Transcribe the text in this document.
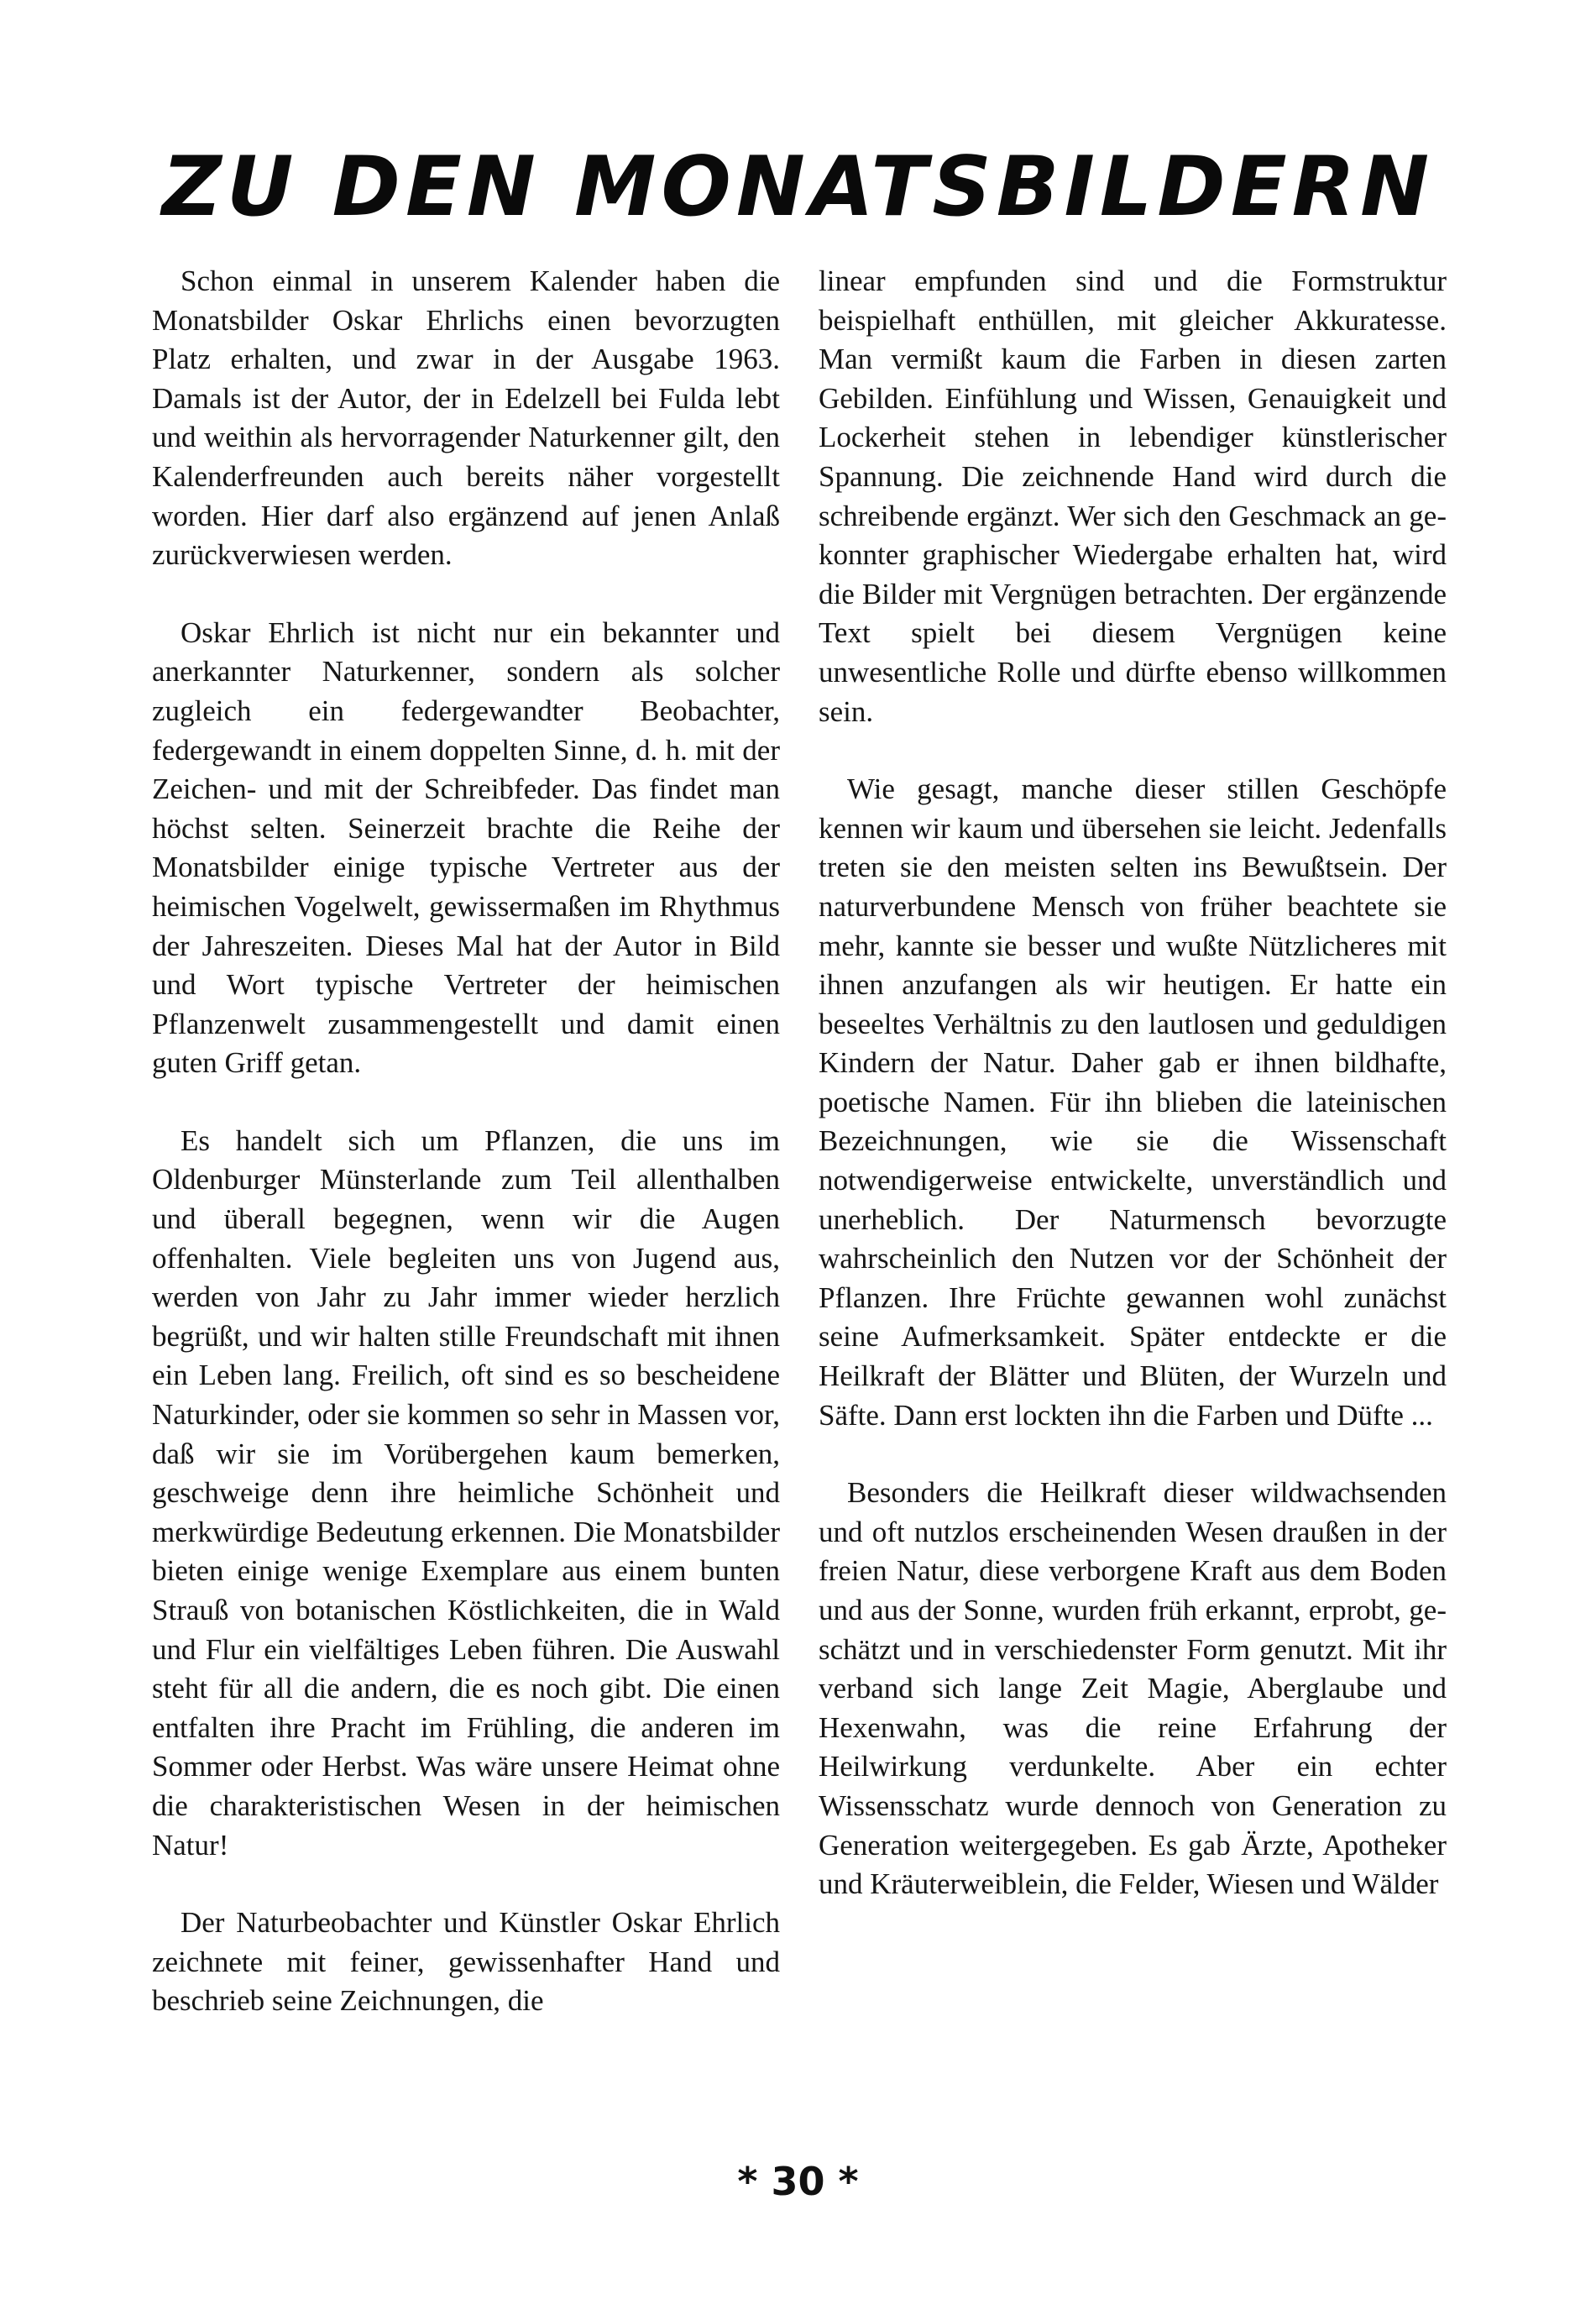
ZU DEN MONATSBILDERN

Schon einmal in unserem Kalender haben die Monatsbilder Oskar Ehrlichs einen bevorzugten Platz erhalten, und zwar in der Ausgabe 1963. Damals ist der Autor, der in Edelzell bei Fulda lebt und weithin als hervorragender Naturkenner gilt, den Kalenderfreunden auch bereits näher vorgestellt worden. Hier darf also ergänzend auf jenen Anlaß zurückverwiesen werden.

Oskar Ehrlich ist nicht nur ein bekannter und anerkannter Naturkenner, sondern als solcher zugleich ein federgewandter Beobachter, federgewandt in einem doppelten Sinne, d. h. mit der Zeichen- und mit der Schreibfeder. Das findet man höchst selten. Seinerzeit brachte die Reihe der Monatsbilder einige typische Vertreter aus der heimischen Vogelwelt, gewissermaßen im Rhythmus der Jahreszeiten. Dieses Mal hat der Autor in Bild und Wort typische Vertreter der heimischen Pflanzenwelt zusammengestellt und damit einen guten Griff getan.

Es handelt sich um Pflanzen, die uns im Oldenburger Münsterlande zum Teil allenthalben und überall begegnen, wenn wir die Augen offenhalten. Viele begleiten uns von Jugend aus, werden von Jahr zu Jahr immer wieder herzlich begrüßt, und wir halten stille Freundschaft mit ihnen ein Leben lang. Freilich, oft sind es so bescheidene Naturkinder, oder sie kommen so sehr in Massen vor, daß wir sie im Vorübergehen kaum bemerken, geschweige denn ihre heimliche Schönheit und merkwürdige Bedeutung erkennen. Die Monatsbilder bieten einige wenige Exemplare aus einem bunten Strauß von botanischen Köstlichkeiten, die in Wald und Flur ein vielfältiges Leben führen. Die Auswahl steht für all die andern, die es noch gibt. Die einen entfalten ihre Pracht im Frühling, die anderen im Sommer oder Herbst. Was wäre unsere Heimat ohne die charakteristischen Wesen in der heimischen Natur!

Der Naturbeobachter und Künstler Oskar Ehrlich zeichnete mit feiner, gewissenhafter Hand und beschrieb seine Zeichnungen, die

linear empfunden sind und die Formstruktur beispielhaft enthüllen, mit gleicher Akkuratesse. Man vermißt kaum die Farben in diesen zarten Gebilden. Einfühlung und Wissen, Genauigkeit und Lockerheit stehen in lebendiger künstlerischer Spannung. Die zeichnende Hand wird durch die schreibende ergänzt. Wer sich den Geschmack an gekonnter graphischer Wiedergabe erhalten hat, wird die Bilder mit Vergnügen betrachten. Der ergänzende Text spielt bei diesem Vergnügen keine unwesentliche Rolle und dürfte ebenso willkommen sein.

Wie gesagt, manche dieser stillen Geschöpfe kennen wir kaum und übersehen sie leicht. Jedenfalls treten sie den meisten selten ins Bewußtsein. Der naturverbundene Mensch von früher beachtete sie mehr, kannte sie besser und wußte Nützlicheres mit ihnen anzufangen als wir heutigen. Er hatte ein beseeltes Verhältnis zu den lautlosen und geduldigen Kindern der Natur. Daher gab er ihnen bildhafte, poetische Namen. Für ihn blieben die lateinischen Bezeichnungen, wie sie die Wissenschaft notwendigerweise entwickelte, unverständlich und unerheblich. Der Naturmensch bevorzugte wahrscheinlich den Nutzen vor der Schönheit der Pflanzen. Ihre Früchte gewannen wohl zunächst seine Aufmerksamkeit. Später entdeckte er die Heilkraft der Blätter und Blüten, der Wurzeln und Säfte. Dann erst lockten ihn die Farben und Düfte ...

Besonders die Heilkraft dieser wildwachsenden und oft nutzlos erscheinenden Wesen draußen in der freien Natur, diese verborgene Kraft aus dem Boden und aus der Sonne, wurden früh erkannt, erprobt, geschätzt und in verschiedenster Form genutzt. Mit ihr verband sich lange Zeit Magie, Aberglaube und Hexenwahn, was die reine Erfahrung der Heilwirkung verdunkelte. Aber ein echter Wissensschatz wurde dennoch von Generation zu Generation weitergegeben. Es gab Ärzte, Apotheker und Kräuterweiblein, die Felder, Wiesen und Wälder

* 30 *
